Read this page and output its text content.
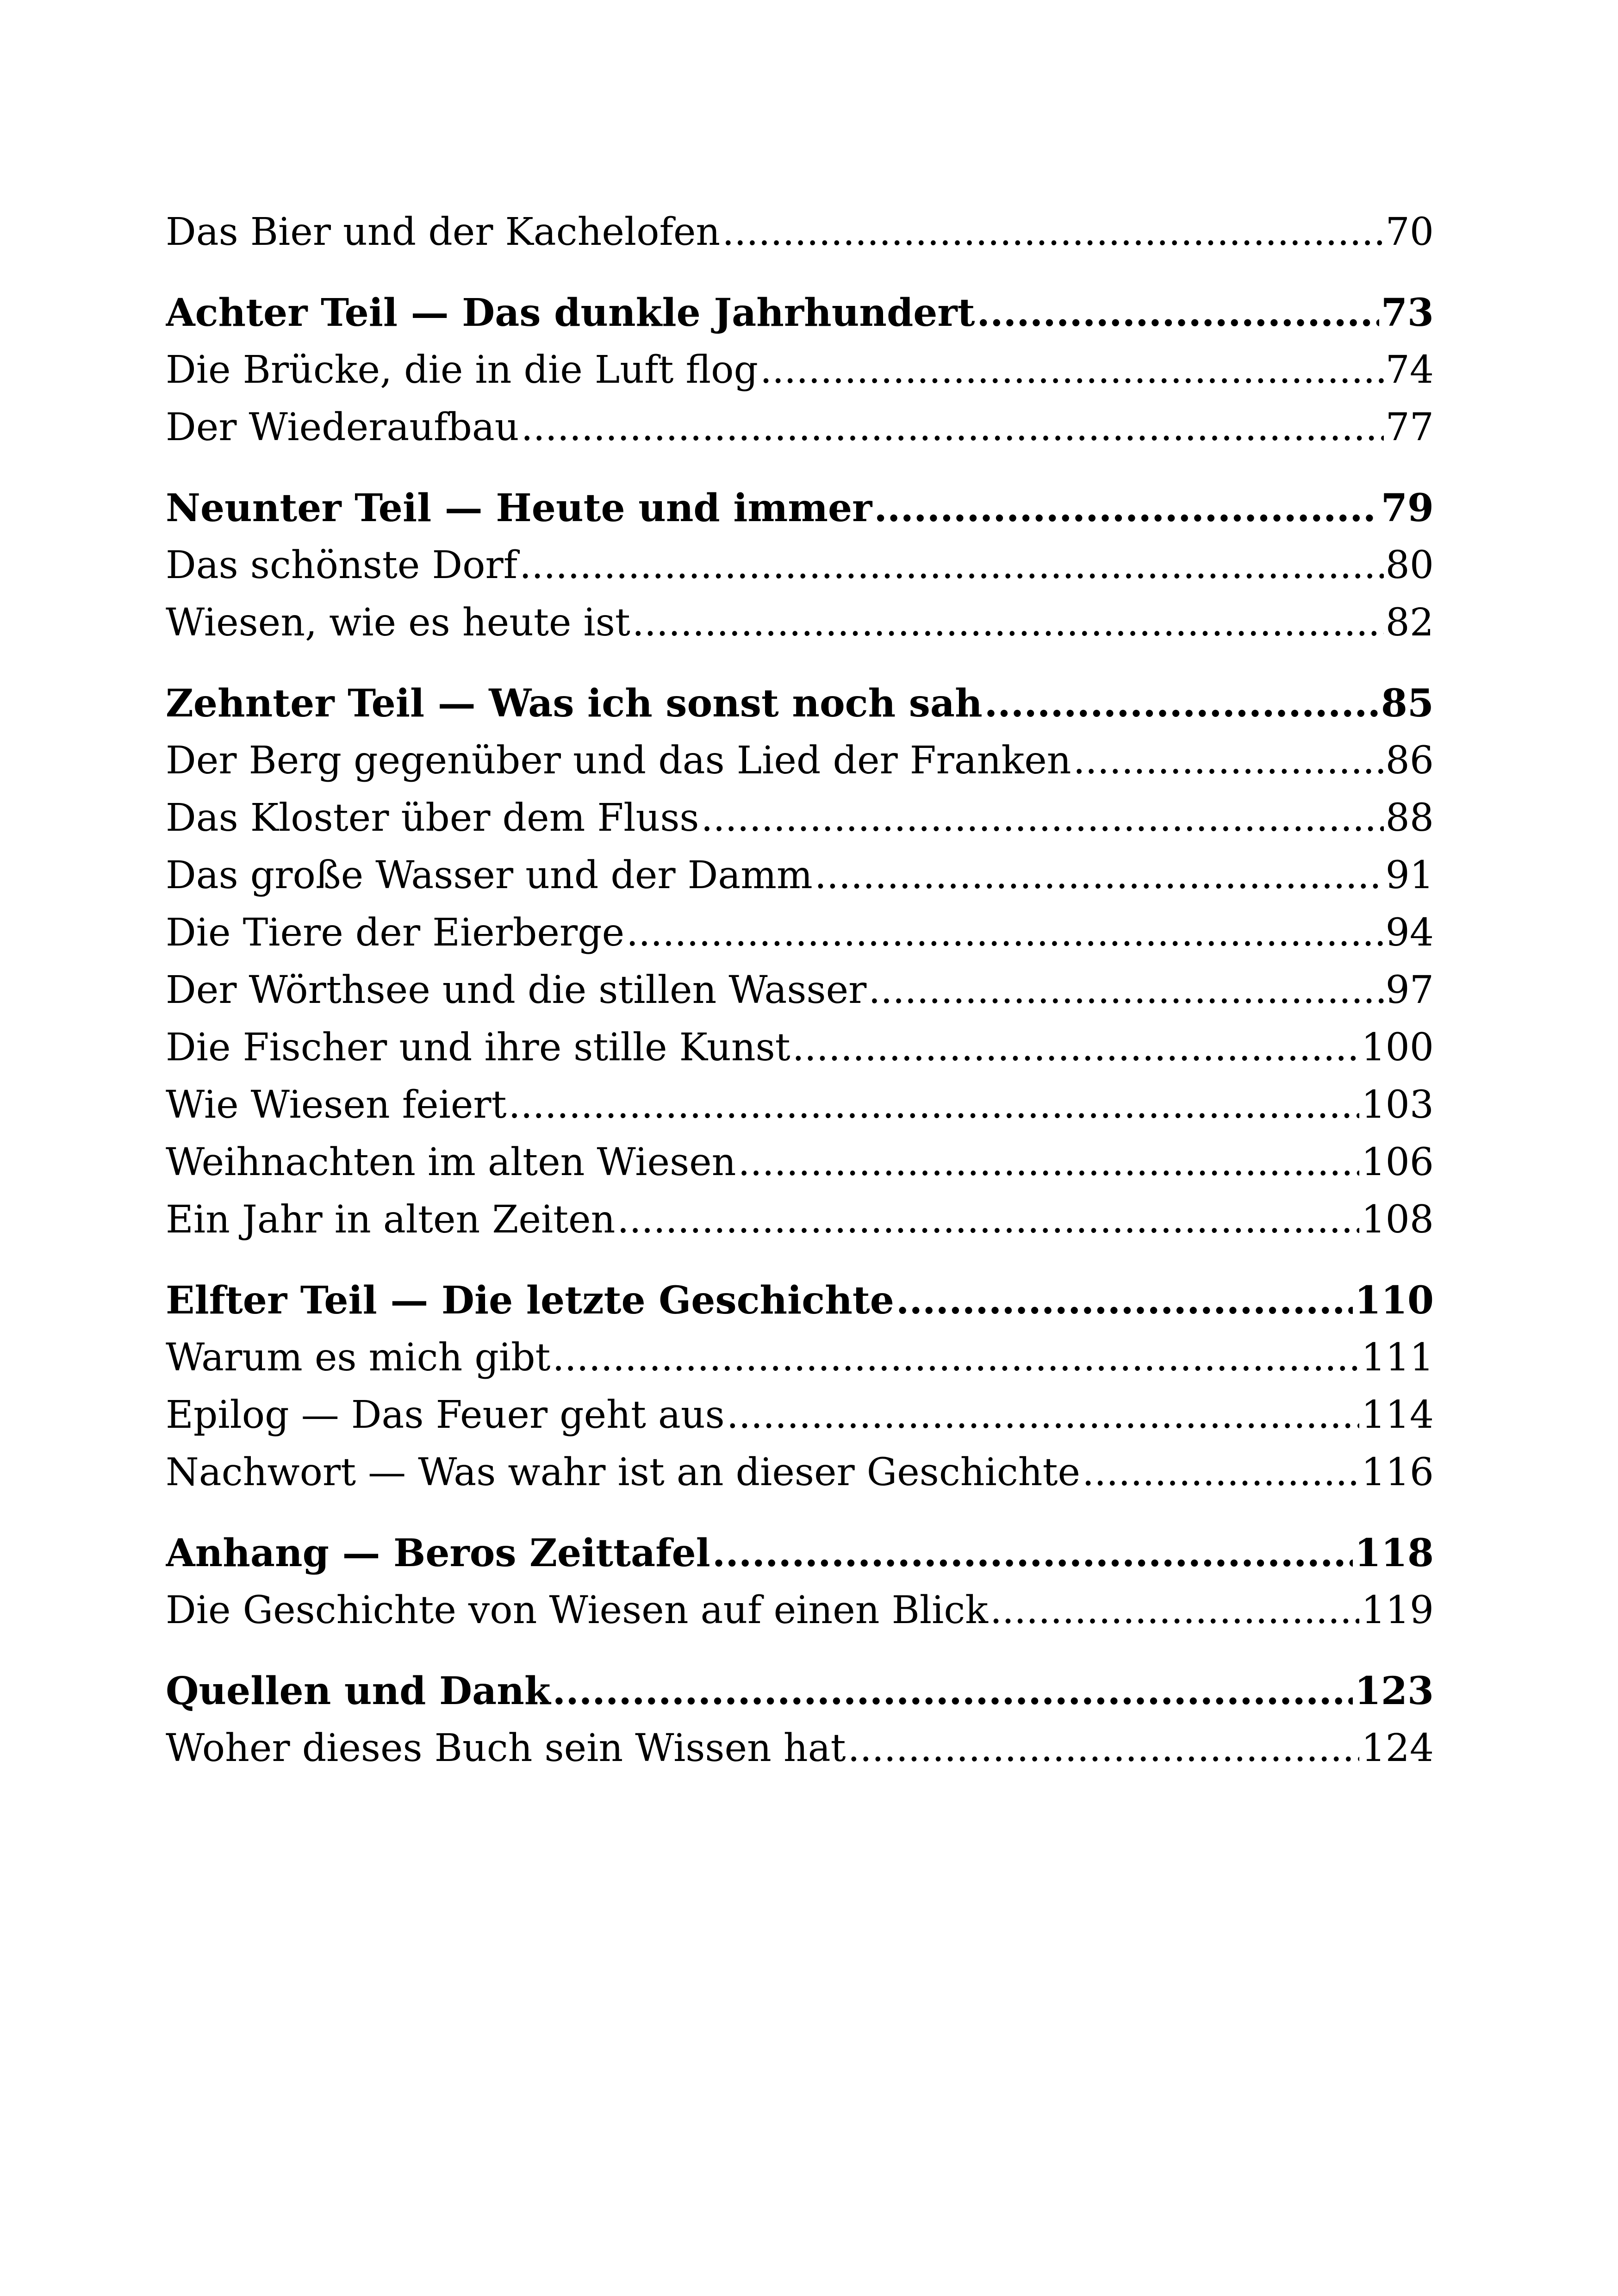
Das Bier und der Kachelofen .....	70
Achter Teil — Das dunkle Jahrhundert .....	73
Die Brücke, die in die Luft flog .....	74
Der Wiederaufbau .....	77
Neunter Teil — Heute und immer .....	79
Das schönste Dorf .....	80
Wiesen, wie es heute ist .....	82
Zehnter Teil — Was ich sonst noch sah .....	85
Der Berg gegenüber und das Lied der Franken .....	86
Das Kloster über dem Fluss .....	88
Das große Wasser und der Damm .....	91
Die Tiere der Eierberge .....	94
Der Wörthsee und die stillen Wasser .....	97
Die Fischer und ihre stille Kunst .....	100
Wie Wiesen feiert .....	103
Weihnachten im alten Wiesen .....	106
Ein Jahr in alten Zeiten .....	108
Elfter Teil — Die letzte Geschichte .....	110
Warum es mich gibt .....	111
Epilog — Das Feuer geht aus .....	114
Nachwort — Was wahr ist an dieser Geschichte .....	116
Anhang — Beros Zeittafel .....	118
Die Geschichte von Wiesen auf einen Blick .....	119
Quellen und Dank .....	123
Woher dieses Buch sein Wissen hat .....	124
